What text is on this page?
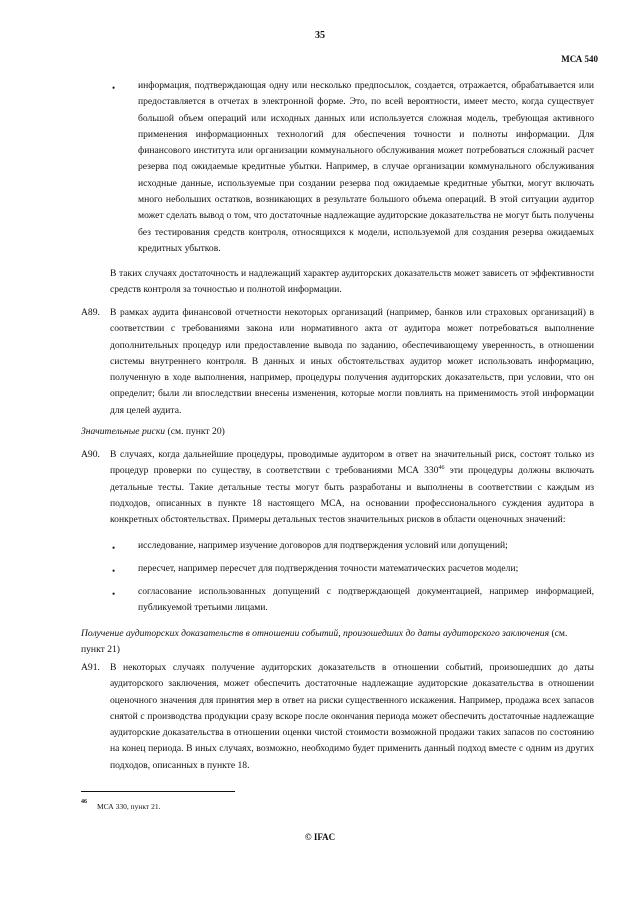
35
МСА 540
• информация, подтверждающая одну или несколько предпосылок, создается, отражается, обрабатывается или предоставляется в отчетах в электронной форме. Это, по всей вероятности, имеет место, когда существует большой объем операций или исходных данных или используется сложная модель, требующая активного применения информационных технологий для обеспечения точности и полноты информации. Для финансового института или организации коммунального обслуживания может потребоваться сложный расчет резерва под ожидаемые кредитные убытки. Например, в случае организации коммунального обслуживания исходные данные, используемые при создании резерва под ожидаемые кредитные убытки, могут включать много небольших остатков, возникающих в результате большого объема операций. В этой ситуации аудитор может сделать вывод о том, что достаточные надлежащие аудиторские доказательства не могут быть получены без тестирования средств контроля, относящихся к модели, используемой для создания резерва ожидаемых кредитных убытков.
В таких случаях достаточность и надлежащий характер аудиторских доказательств может зависеть от эффективности средств контроля за точностью и полнотой информации.
A89. В рамках аудита финансовой отчетности некоторых организаций (например, банков или страховых организаций) в соответствии с требованиями закона или нормативного акта от аудитора может потребоваться выполнение дополнительных процедур или предоставление вывода по заданию, обеспечивающему уверенность, в отношении системы внутреннего контроля. В данных и иных обстоятельствах аудитор может использовать информацию, полученную в ходе выполнения, например, процедуры получения аудиторских доказательств, при условии, что он определит; были ли впоследствии внесены изменения, которые могли повлиять на применимость этой информации для целей аудита.
Значительные риски (см. пункт 20)
A90. В случаях, когда дальнейшие процедуры, проводимые аудитором в ответ на значительный риск, состоят только из процедур проверки по существу, в соответствии с требованиями МСА $330^{46}$ эти процедуры должны включать детальные тесты. Такие детальные тесты могут быть разработаны и выполнены в соответствии с каждым из подходов, описанных в пункте 18 настоящего МСА, на основании профессионального суждения аудитора в конкретных обстоятельствах. Примеры детальных тестов значительных рисков в области оценочных значений:
• исследование, например изучение договоров для подтверждения условий или допущений;
• пересчет, например пересчет для подтверждения точности математических расчетов модели;
• согласование использованных допущений с подтверждающей документацией, например информацией, публикуемой третьими лицами.
Получение аудиторских доказательств в отношении событий, произошедших до даты аудиторского заключения (см. пункт 21)
A91. В некоторых случаях получение аудиторских доказательств в отношении событий, произошедших до даты аудиторского заключения, может обеспечить достаточные надлежащие аудиторские доказательства в отношении оценочного значения для принятия мер в ответ на риски существенного искажения. Например, продажа всех запасов снятой с производства продукции сразу вскоре после окончания периода может обеспечить достаточные надлежащие аудиторские доказательства в отношении оценки чистой стоимости возможной продажи таких запасов по состоянию на конец периода. В иных случаях, возможно, необходимо будет применить данный подход вместе с одним из других подходов, описанных в пункте 18.
46 МСА 330, пункт 21.
© IFAC
